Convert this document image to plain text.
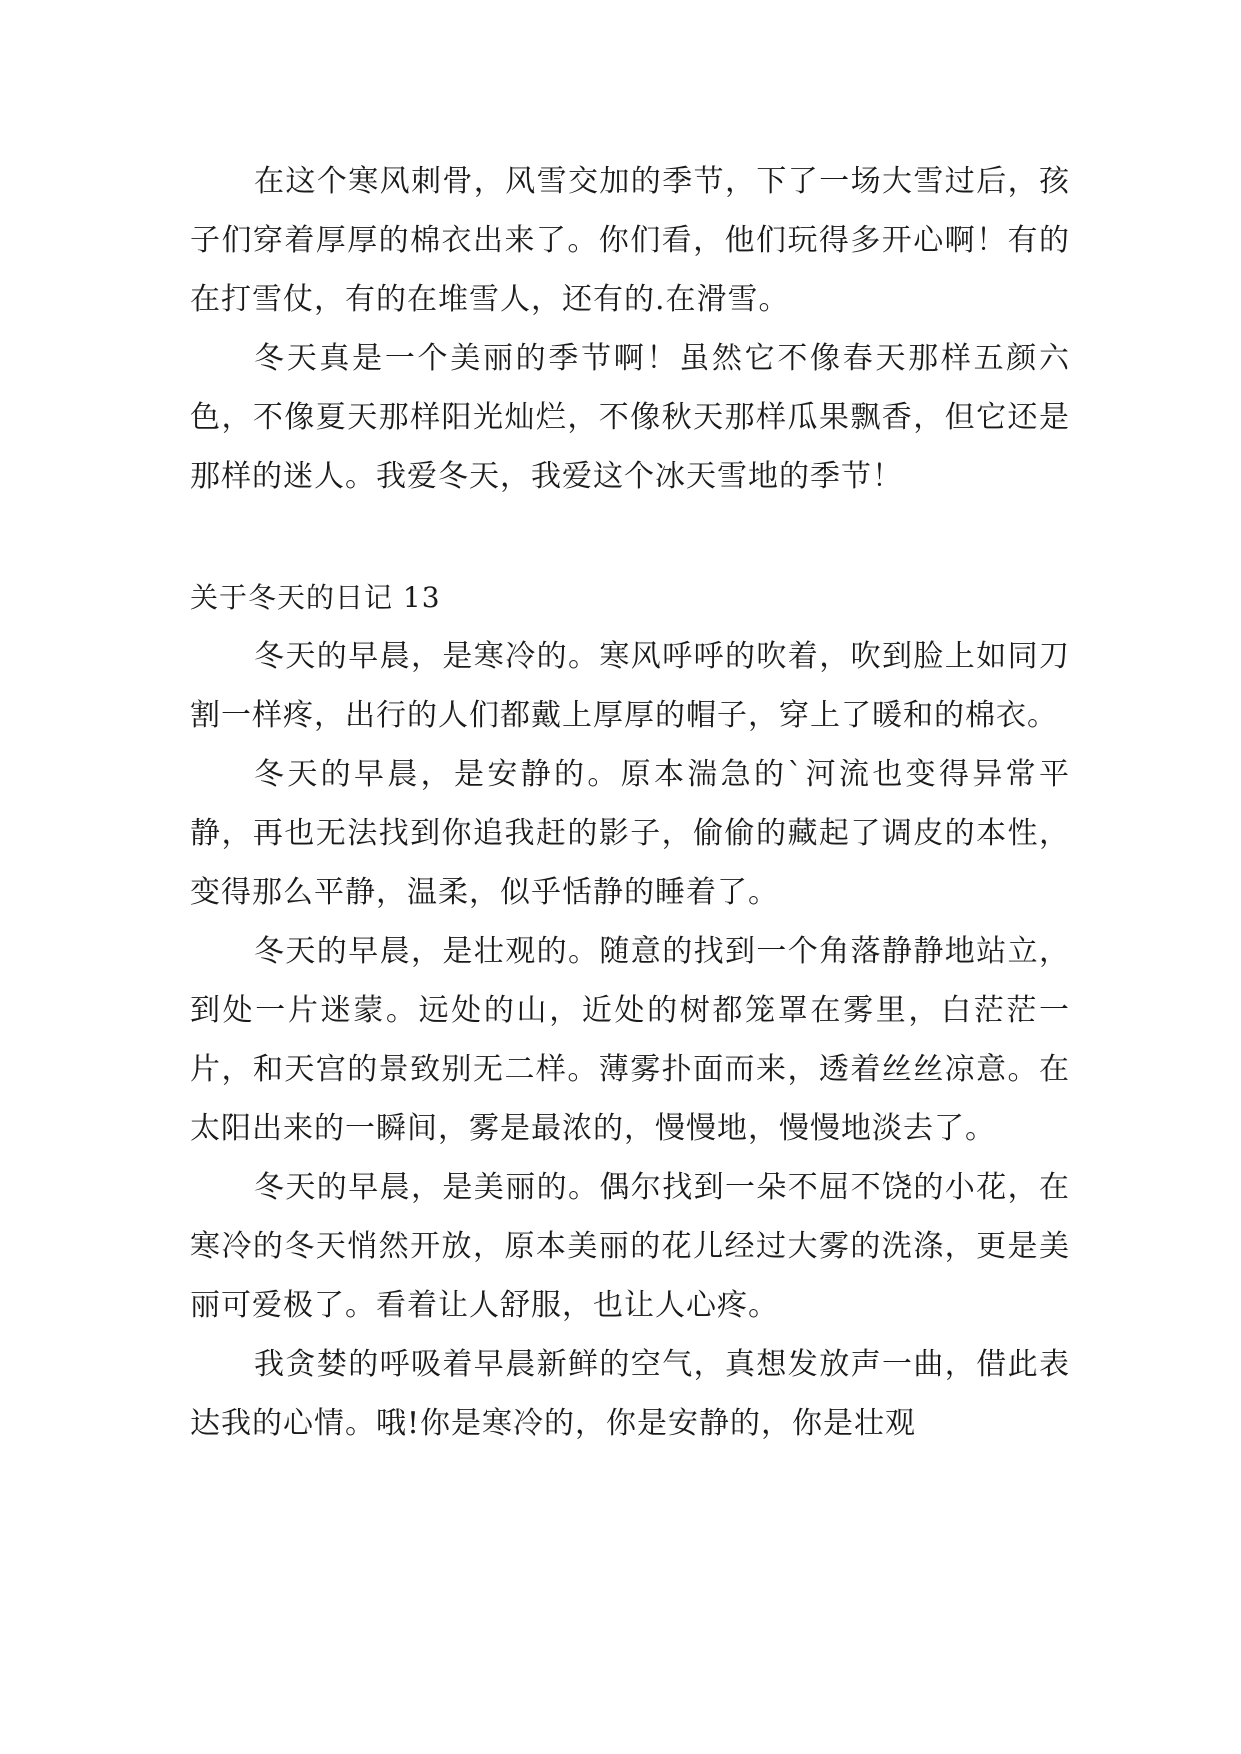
在这个寒风刺骨，风雪交加的季节，下了一场大雪过后，孩子们穿着厚厚的棉衣出来了。你们看，他们玩得多开心啊！有的在打雪仗，有的在堆雪人，还有的.在滑雪。

冬天真是一个美丽的季节啊！虽然它不像春天那样五颜六色，不像夏天那样阳光灿烂，不像秋天那样瓜果飘香，但它还是那样的迷人。我爱冬天，我爱这个冰天雪地的季节！

关于冬天的日记 13

冬天的早晨，是寒冷的。寒风呼呼的吹着，吹到脸上如同刀割一样疼，出行的人们都戴上厚厚的帽子，穿上了暖和的棉衣。

冬天的早晨，是安静的。原本湍急的`河流也变得异常平静，再也无法找到你追我赶的影子，偷偷的藏起了调皮的本性，变得那么平静，温柔，似乎恬静的睡着了。

冬天的早晨，是壮观的。随意的找到一个角落静静地站立，到处一片迷蒙。远处的山，近处的树都笼罩在雾里，白茫茫一片，和天宫的景致别无二样。薄雾扑面而来，透着丝丝凉意。在太阳出来的一瞬间，雾是最浓的，慢慢地，慢慢地淡去了。

冬天的早晨，是美丽的。偶尔找到一朵不屈不饶的小花，在寒冷的冬天悄然开放，原本美丽的花儿经过大雾的洗涤，更是美丽可爱极了。看着让人舒服，也让人心疼。

我贪婪的呼吸着早晨新鲜的空气，真想发放声一曲，借此表达我的心情。哦!你是寒冷的，你是安静的，你是壮观
